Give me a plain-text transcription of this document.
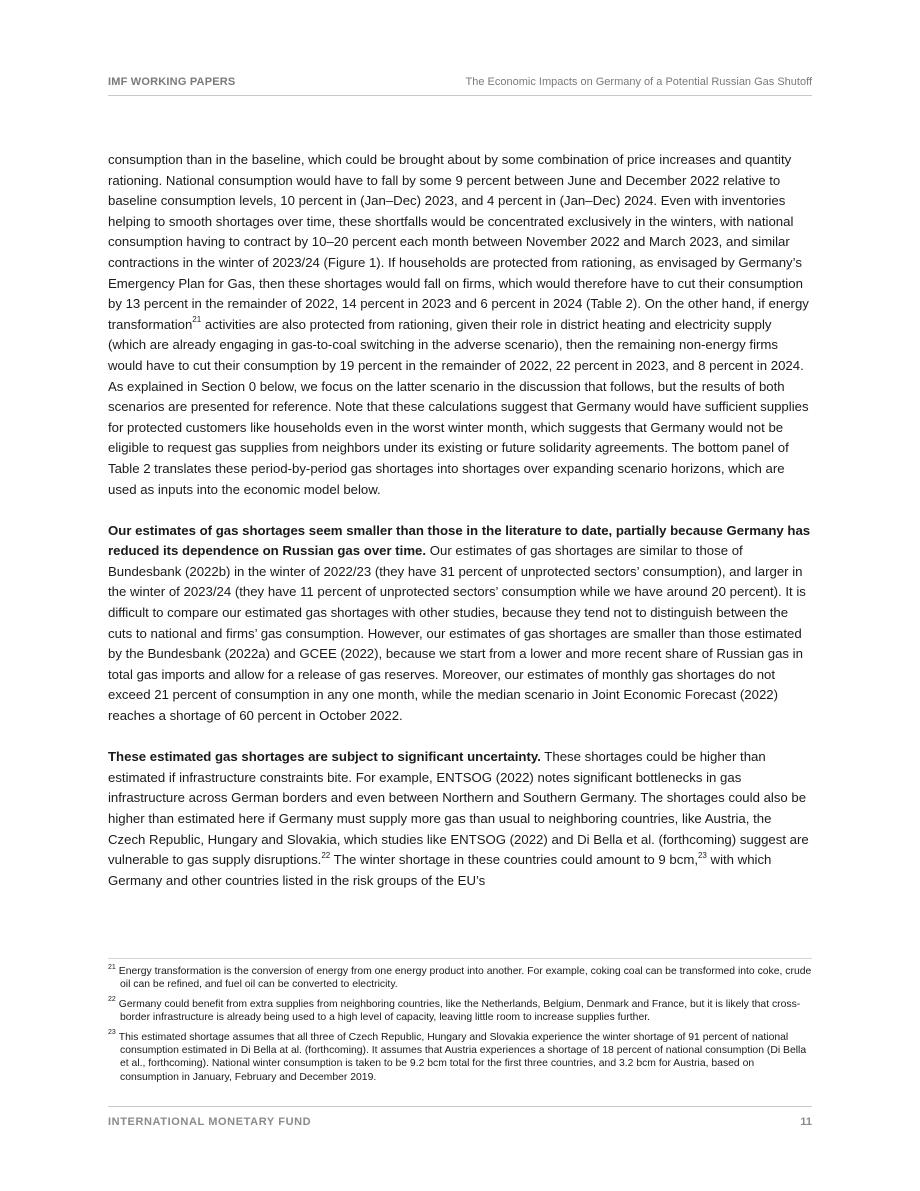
IMF WORKING PAPERS	The Economic Impacts on Germany of a Potential Russian Gas Shutoff

consumption than in the baseline, which could be brought about by some combination of price increases and quantity rationing. National consumption would have to fall by some 9 percent between June and December 2022 relative to baseline consumption levels, 10 percent in (Jan–Dec) 2023, and 4 percent in (Jan–Dec) 2024. Even with inventories helping to smooth shortages over time, these shortfalls would be concentrated exclusively in the winters, with national consumption having to contract by 10–20 percent each month between November 2022 and March 2023, and similar contractions in the winter of 2023/24 (Figure 1). If households are protected from rationing, as envisaged by Germany’s Emergency Plan for Gas, then these shortages would fall on firms, which would therefore have to cut their consumption by 13 percent in the remainder of 2022, 14 percent in 2023 and 6 percent in 2024 (Table 2). On the other hand, if energy transformation$^{21}$ activities are also protected from rationing, given their role in district heating and electricity supply (which are already engaging in gas-to-coal switching in the adverse scenario), then the remaining non-energy firms would have to cut their consumption by 19 percent in the remainder of 2022, 22 percent in 2023, and 8 percent in 2024. As explained in Section 0 below, we focus on the latter scenario in the discussion that follows, but the results of both scenarios are presented for reference. Note that these calculations suggest that Germany would have sufficient supplies for protected customers like households even in the worst winter month, which suggests that Germany would not be eligible to request gas supplies from neighbors under its existing or future solidarity agreements. The bottom panel of Table 2 translates these period-by-period gas shortages into shortages over expanding scenario horizons, which are used as inputs into the economic model below.

Our estimates of gas shortages seem smaller than those in the literature to date, partially because Germany has reduced its dependence on Russian gas over time. Our estimates of gas shortages are similar to those of Bundesbank (2022b) in the winter of 2022/23 (they have 31 percent of unprotected sectors’ consumption), and larger in the winter of 2023/24 (they have 11 percent of unprotected sectors’ consumption while we have around 20 percent). It is difficult to compare our estimated gas shortages with other studies, because they tend not to distinguish between the cuts to national and firms’ gas consumption. However, our estimates of gas shortages are smaller than those estimated by the Bundesbank (2022a) and GCEE (2022), because we start from a lower and more recent share of Russian gas in total gas imports and allow for a release of gas reserves. Moreover, our estimates of monthly gas shortages do not exceed 21 percent of consumption in any one month, while the median scenario in Joint Economic Forecast (2022) reaches a shortage of 60 percent in October 2022.

These estimated gas shortages are subject to significant uncertainty. These shortages could be higher than estimated if infrastructure constraints bite. For example, ENTSOG (2022) notes significant bottlenecks in gas infrastructure across German borders and even between Northern and Southern Germany. The shortages could also be higher than estimated here if Germany must supply more gas than usual to neighboring countries, like Austria, the Czech Republic, Hungary and Slovakia, which studies like ENTSOG (2022) and Di Bella et al. (forthcoming) suggest are vulnerable to gas supply disruptions.$^{22}$ The winter shortage in these countries could amount to 9 bcm,$^{23}$ with which Germany and other countries listed in the risk groups of the EU’s

$^{21}$ Energy transformation is the conversion of energy from one energy product into another. For example, coking coal can be transformed into coke, crude oil can be refined, and fuel oil can be converted to electricity.
$^{22}$ Germany could benefit from extra supplies from neighboring countries, like the Netherlands, Belgium, Denmark and France, but it is likely that cross-border infrastructure is already being used to a high level of capacity, leaving little room to increase supplies further.
$^{23}$ This estimated shortage assumes that all three of Czech Republic, Hungary and Slovakia experience the winter shortage of 91 percent of national consumption estimated in Di Bella at al. (forthcoming). It assumes that Austria experiences a shortage of 18 percent of national consumption (Di Bella et al., forthcoming). National winter consumption is taken to be 9.2 bcm total for the first three countries, and 3.2 bcm for Austria, based on consumption in January, February and December 2019.
INTERNATIONAL MONETARY FUND	11
